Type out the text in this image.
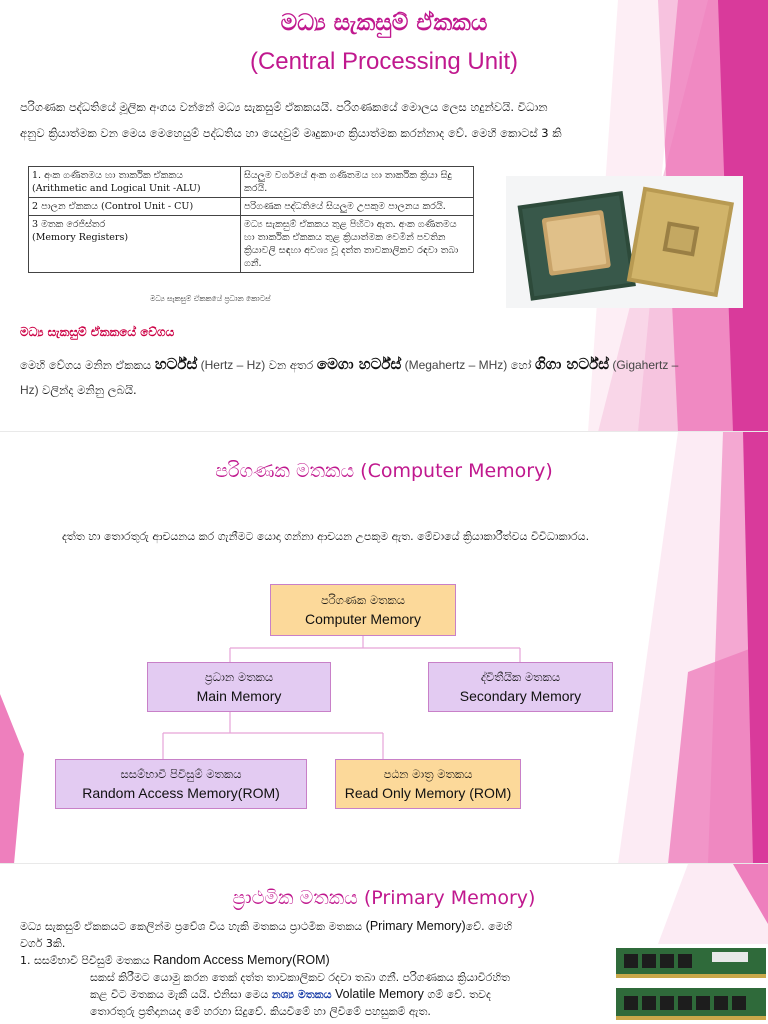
මධ්‍ය සැකසුම් ඒකකය
(Central Processing Unit)
පරිගණක පද්ධතියේ මූලික අංගය වන්නේ මධ්‍ය සැකසුම් ඒකකයයි. පරිගණකයේ මොලය ලෙස හදුන්වයි. විධාන
අනුව ක්‍රියාත්මක වන මෙය මෙහෙයුම් පද්ධතිය හා යෙදවුම් මෘදුකාංග ක්‍රියාත්මක කරන්නාද වේ. මෙහි කොටස් 3 කි
1. අංක ගණිතමය හා තාර්කික ඒකකය
(Arithmetic and Logical Unit -ALU)	සියලුම වර්ගයේ අංක ගණිතමය හා තාර්කික ක්‍රියා සිදු කරයි.
2 පාලන ඒකකය (Control Unit - CU)	පරිගණක පද්ධතියේ සියලුම උපකුම පාලනය කරයි.

3 මතක රෙජිස්තර
(Memory Registers)	මධ්‍ය සැකසුම් ඒකකය තුළ පිහිටා ඇත. අංක ගණිතමය හා තාර්කික ඒකකය තුළ ක්‍රියාත්මක වෙමින් පවතින ක්‍රියාවලි සඳහා අවශ්‍ය වූ දත්ත තාවකාලිකව රඳවා තබා ගනී.
මධ්‍ය සැකසුම් ඒකකයේ ප්‍රධාන කොටස්
මධ්‍ය සැකසුම් ඒකකයේ වේගය
මෙහි වේගය මනින ඒකකය හර්ට්ස් (Hertz – Hz) වන අතර මෙගා හර්ට්ස් (Megahertz – MHz) හෝ ගිගා හර්ට්ස් (Gigahertz – Hz) වලින්ද මනිනු ලබයි.
පරිගණක මතකය (Computer Memory)
දත්ත හා තොරතුරු ආචයනය කර ගැනීමට යොදා ගන්නා ආචයන උපකුම ඇත. මේවායේ ක්‍රියාකාරීත්වය විවිධාකාරය.
පරිගණක මතකය
Computer Memory
ප්‍රධාන මතකය
Main Memory
ද්විතීයික මතකය
Secondary Memory
සසම්භාවී පිවිසුම් මතකය
Random Access Memory(ROM)
පඨන මාත්‍ර මතකය
Read Only Memory (ROM)
ප්‍රාථමික මතකය (Primary Memory)
මධ්‍ය සැකසුම් ඒකකයට කෙලින්ම ප්‍රවේශ විය හැකි මතකය ප්‍රාථමික මතකය (Primary Memory)වේ. මෙහි
වර්ග 3කි.
1. සසම්භාවී පිවිසුම් මතකය Random Access Memory(ROM)
සකස් කිරීමට යොමු කරන තෙක් දත්ත තාවකාලිකව රදවා තබා ගනී. පරිගණකය ක්‍රියාවිරහිත
කළ විට මතකය මැකී යයි. එනිසා මෙය නශ්‍ය මතකය Volatile Memory ගම් වේ. තවද
තොරතුරු ප්‍රතිදානයද මේ හරහා සිදුවේ. කියවීමේ හා ලිවීමේ පහසුකම් ඇත.
